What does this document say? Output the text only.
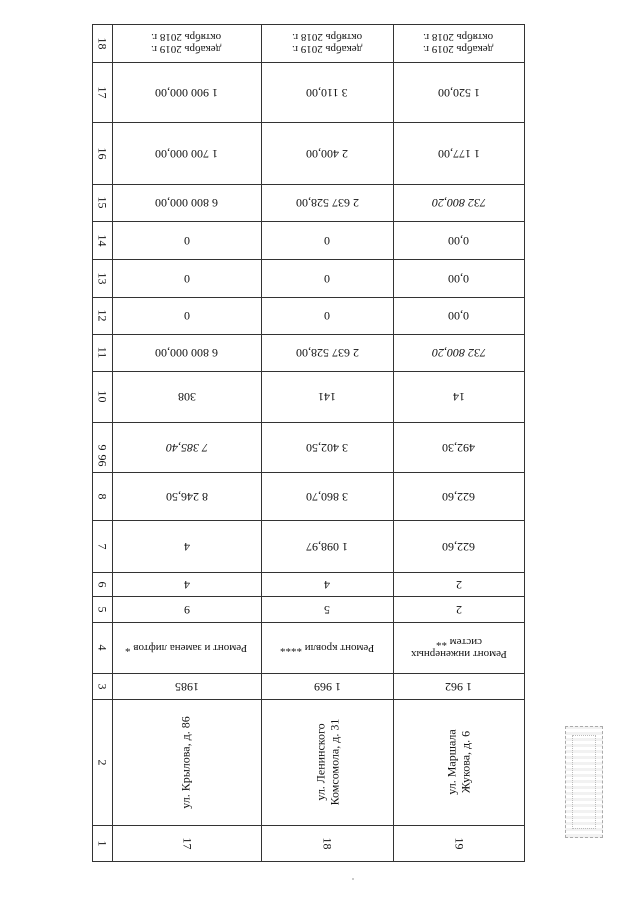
96
18
17
16
15
14
13
12
11
10
9
8
7
6
5
4
3
2
1
декабрь 2019 г.
октябрь 2018 г.
1 900 000,00
1 700 000,00
6 800 000,00
0
0
0
6 800 000,00
308
7 385,40
8 246,50
4
4
9
Ремонт и замена лифтов *
1985
ул. Крылова, д. 86
17
декабрь 2019 г.
октябрь 2018 г.
3 110,00
2 400,00
2 637 528,00
0
0
0
2 637 528,00
141
3 402,50
3 860,70
1 098,97
4
5
Ремонт кровли ****
1 969
ул. Ленинского
Комсомола, д. 31
18
декабрь 2019 г.
октябрь 2018 г.
1 520,00
1 177,00
732 800,20
0,00
0,00
0,00
732 800,20
14
492,30
622,60
622,60
2
2
Ремонт инженерных
систем **
1 962
ул. Маршала
Жукова, д. 6
19
